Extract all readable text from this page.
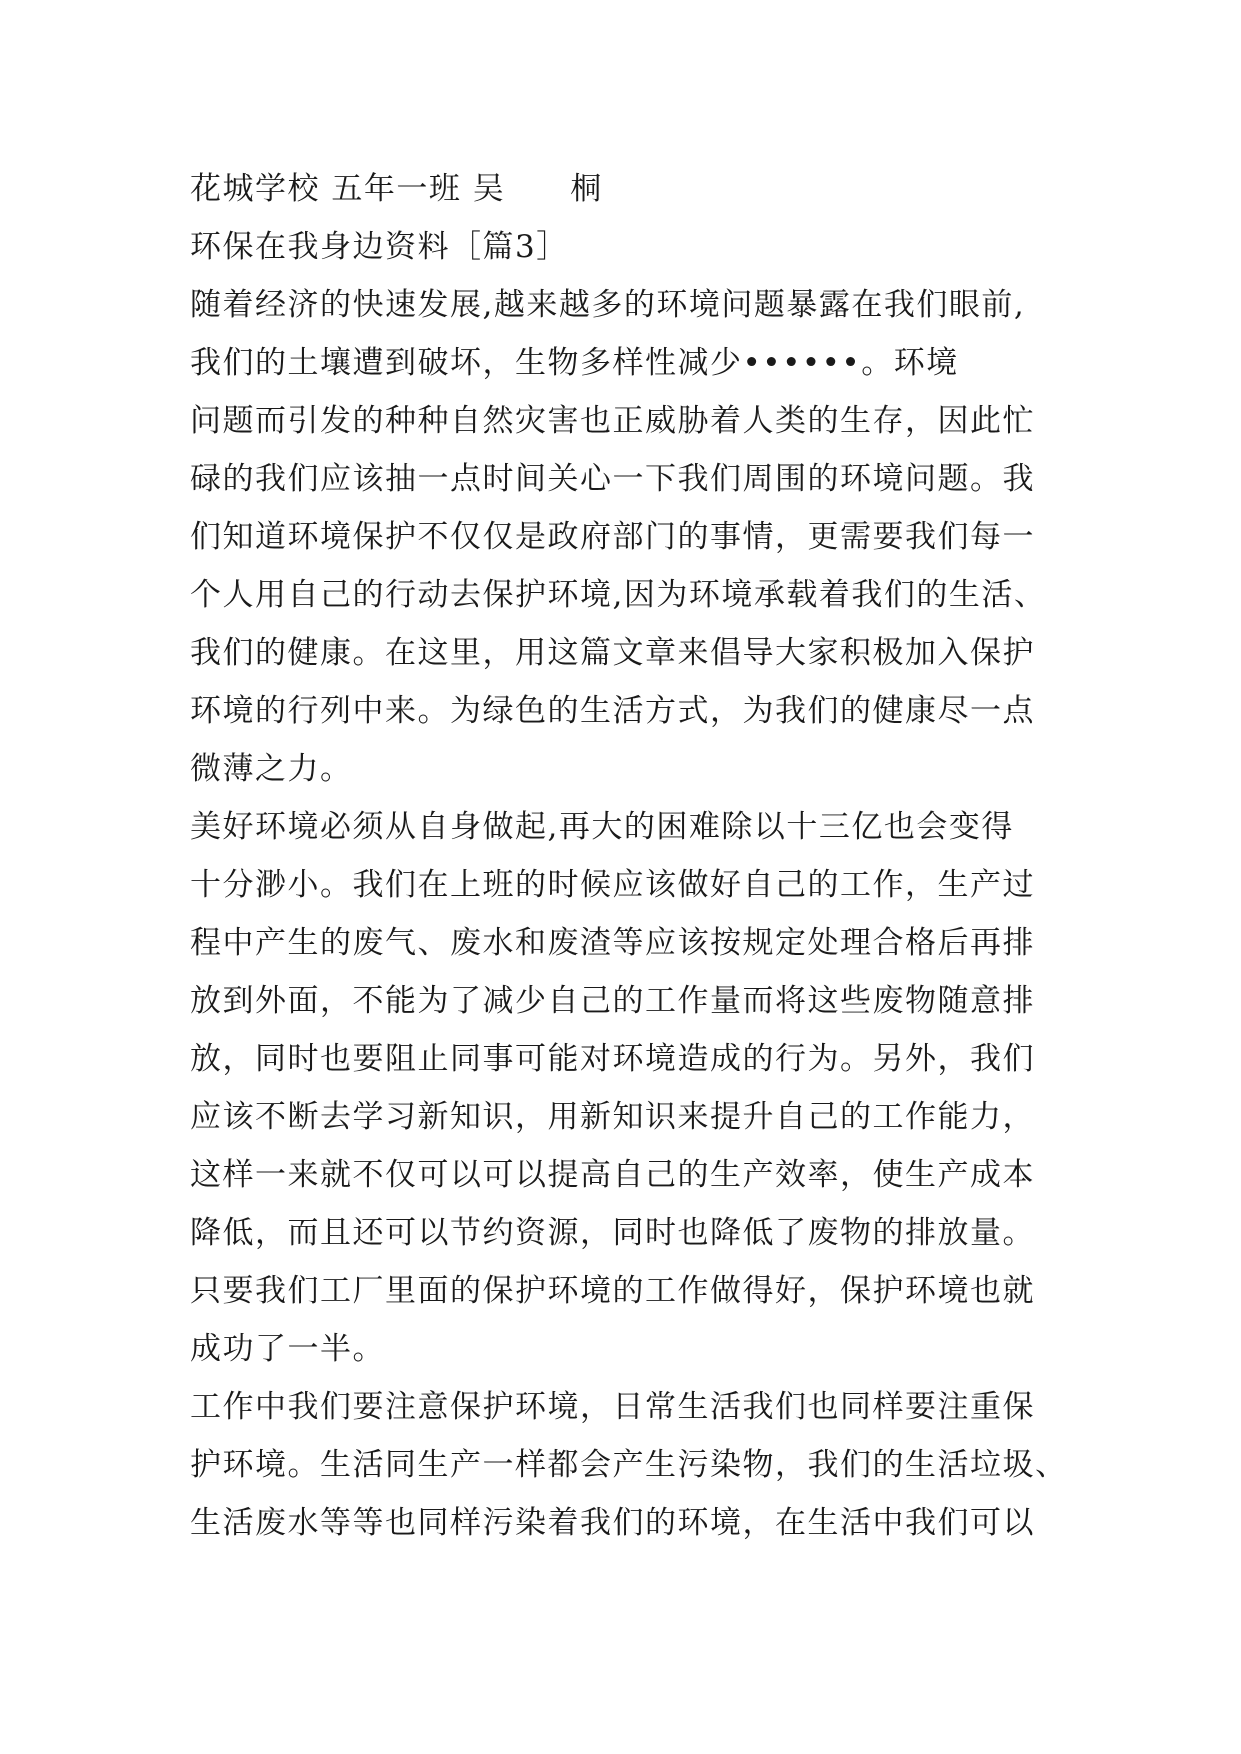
花城学校 五年一班 吴　　桐
环保在我身边资料［篇3］
随着经济的快速发展,越来越多的环境问题暴露在我们眼前,
我们的土壤遭到破坏，生物多样性减少••••••。环境
问题而引发的种种自然灾害也正威胁着人类的生存，因此忙
碌的我们应该抽一点时间关心一下我们周围的环境问题。我
们知道环境保护不仅仅是政府部门的事情，更需要我们每一
个人用自己的行动去保护环境,因为环境承载着我们的生活、
我们的健康。在这里，用这篇文章来倡导大家积极加入保护
环境的行列中来。为绿色的生活方式，为我们的健康尽一点
微薄之力。
美好环境必须从自身做起,再大的困难除以十三亿也会变得
十分渺小。我们在上班的时候应该做好自己的工作，生产过
程中产生的废气、废水和废渣等应该按规定处理合格后再排
放到外面，不能为了减少自己的工作量而将这些废物随意排
放，同时也要阻止同事可能对环境造成的行为。另外，我们
应该不断去学习新知识，用新知识来提升自己的工作能力，
这样一来就不仅可以可以提高自己的生产效率，使生产成本
降低，而且还可以节约资源，同时也降低了废物的排放量。
只要我们工厂里面的保护环境的工作做得好，保护环境也就
成功了一半。
工作中我们要注意保护环境，日常生活我们也同样要注重保
护环境。生活同生产一样都会产生污染物，我们的生活垃圾、
生活废水等等也同样污染着我们的环境，在生活中我们可以
